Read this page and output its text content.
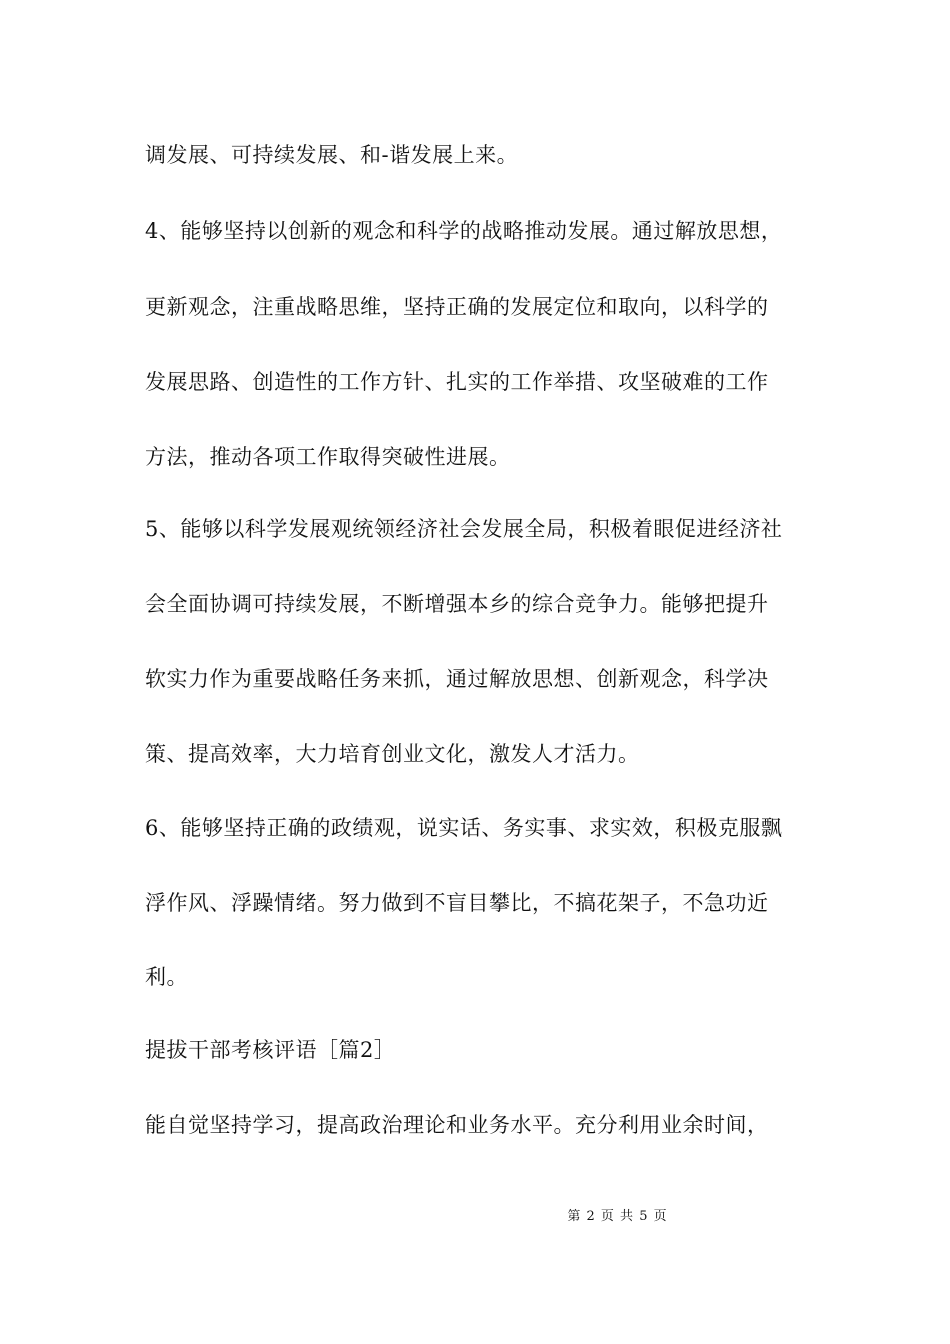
调发展、可持续发展、和-谐发展上来。
4、能够坚持以创新的观念和科学的战略推动发展。通过解放思想，
更新观念，注重战略思维，坚持正确的发展定位和取向，以科学的
发展思路、创造性的工作方针、扎实的工作举措、攻坚破难的工作
方法，推动各项工作取得突破性进展。
5、能够以科学发展观统领经济社会发展全局，积极着眼促进经济社
会全面协调可持续发展，不断增强本乡的综合竞争力。能够把提升
软实力作为重要战略任务来抓，通过解放思想、创新观念，科学决
策、提高效率，大力培育创业文化，激发人才活力。
6、能够坚持正确的政绩观，说实话、务实事、求实效，积极克服飘
浮作风、浮躁情绪。努力做到不盲目攀比，不搞花架子，不急功近
利。
提拔干部考核评语［篇2］
能自觉坚持学习，提高政治理论和业务水平。充分利用业余时间，
第 2 页 共 5 页
